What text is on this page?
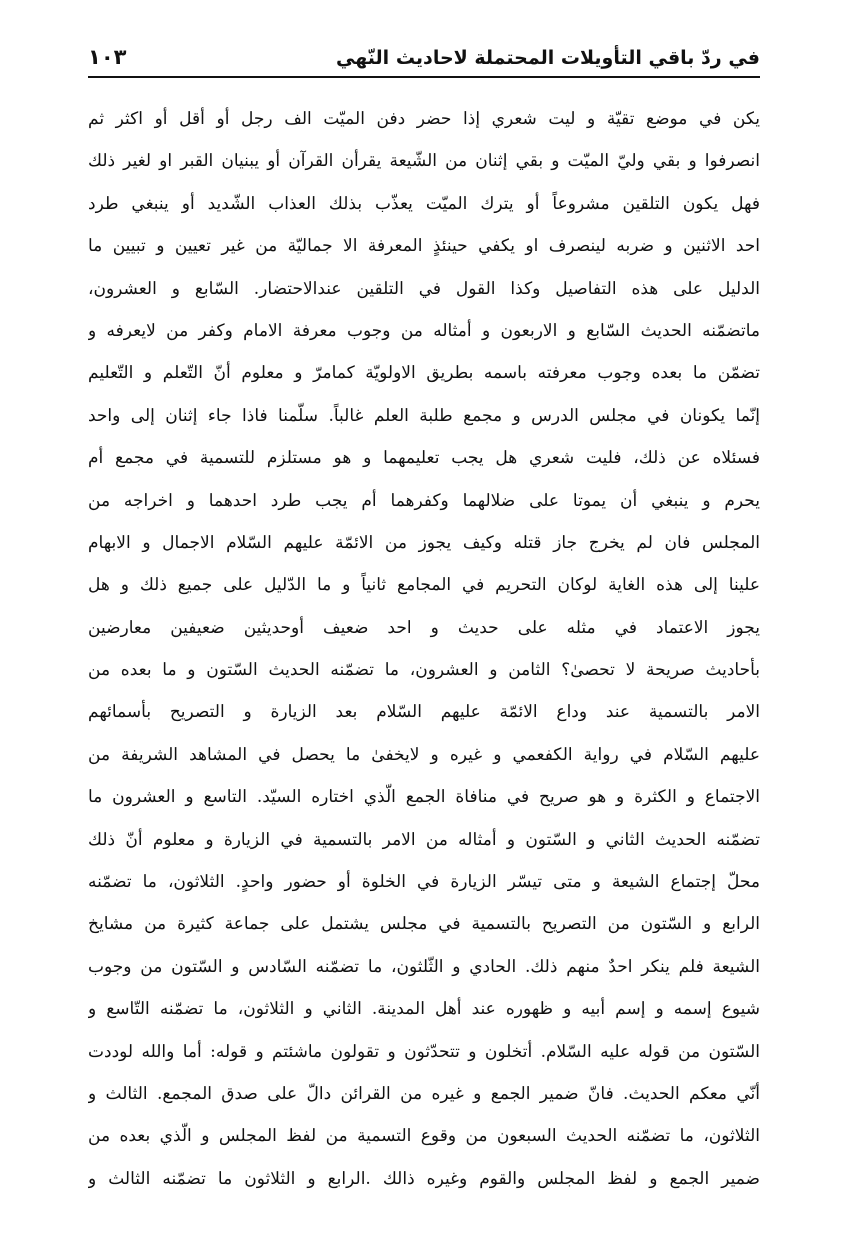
في ردّ باقي التأويلات المحتملة لاحاديث النّهي
١٠٣
يكن في موضع تقيّة و ليت شعري إذا حضر دفن الميّت الف رجل أو أقل أو اكثر ثم
انصرفوا و بقي وليّ الميّت و بقي إثنان من الشّيعة يقرأن القرآن أو يبنيان القبر او لغير ذلك
فهل يكون التلقين مشروعاً أو يترك الميّت يعذّب بذلك العذاب الشّديد أو ينبغي طرد
احد الاثنين و ضربه لينصرف او يكفي حينئذٍ المعرفة الا جماليّة من غير تعيين و تبيين ما
الدليل على هذه التفاصيل وكذا القول في التلقين عندالاحتضار. السّابع و العشرون،
ماتضمّنه الحديث السّابع و الاربعون و أمثاله من وجوب معرفة الامام وكفر من لايعرفه و
تضمّن ما بعده وجوب معرفته باسمه بطريق الاولويّة كمامرّ و معلوم أنّ التّعلم و التّعليم
إنّما يكونان في مجلس الدرس و مجمع طلبة العلم غالباً. سلّمنا فاذا جاء إثنان إلى واحد
فسئلاه عن ذلك، فليت شعري هل يجب تعليمهما و هو مستلزم للتسمية في مجمع أم
يحرم و ينبغي أن يموتا على ضلالهما وكفرهما أم يجب طرد احدهما و اخراجه من
المجلس فان لم يخرج جاز قتله وكيف يجوز من الائمّة عليهم السّلام الاجمال و الابهام
علينا إلى هذه الغاية لوكان التحريم في المجامع ثانياً و ما الدّليل على جميع ذلك و هل
يجوز الاعتماد في مثله على حديث و احد ضعيف أوحديثين ضعيفين معارضين
بأحاديث صريحة لا تحصىٰ؟ الثامن و العشرون، ما تضمّنه الحديث السّتون و ما بعده من
الامر بالتسمية عند وداع الائمّة عليهم السّلام بعد الزيارة و التصريح بأسمائهم
عليهم السّلام في رواية الكفعمي و غيره و لايخفىٰ ما يحصل في المشاهد الشريفة من
الاجتماع و الكثرة و هو صريح في منافاة الجمع الّذي اختاره السيّد. التاسع و العشرون ما
تضمّنه الحديث الثاني و السّتون و أمثاله من الامر بالتسمية في الزيارة و معلوم أنّ ذلك
محلّ إجتماع الشيعة و متى تيسّر الزيارة في الخلوة أو حضور واحدٍ. الثلاثون، ما تضمّنه
الرابع و السّتون من التصريح بالتسمية في مجلس يشتمل على جماعة كثيرة من مشايخ
الشيعة فلم ينكر احدٌ منهم ذلك. الحادي و الثّلثون، ما تضمّنه السّادس و السّتون من وجوب
شيوع إسمه و إسم أبيه و ظهوره عند أهل المدينة. الثاني و الثلاثون، ما تضمّنه التّاسع و
السّتون من قوله عليه السّلام. أتخلون و تتحدّثون و تقولون ماشئتم و قوله: أما والله لوددت
أنّي معكم الحديث. فانّ ضمير الجمع و غيره من القرائن دالّ على صدق المجمع. الثالث و
الثلاثون، ما تضمّنه الحديث السبعون من وقوع التسمية من لفظ المجلس و الّذي بعده من
ضمير الجمع و لفظ المجلس والقوم وغيره ذالك .الرابع و الثلاثون ما تضمّنه الثالث و
